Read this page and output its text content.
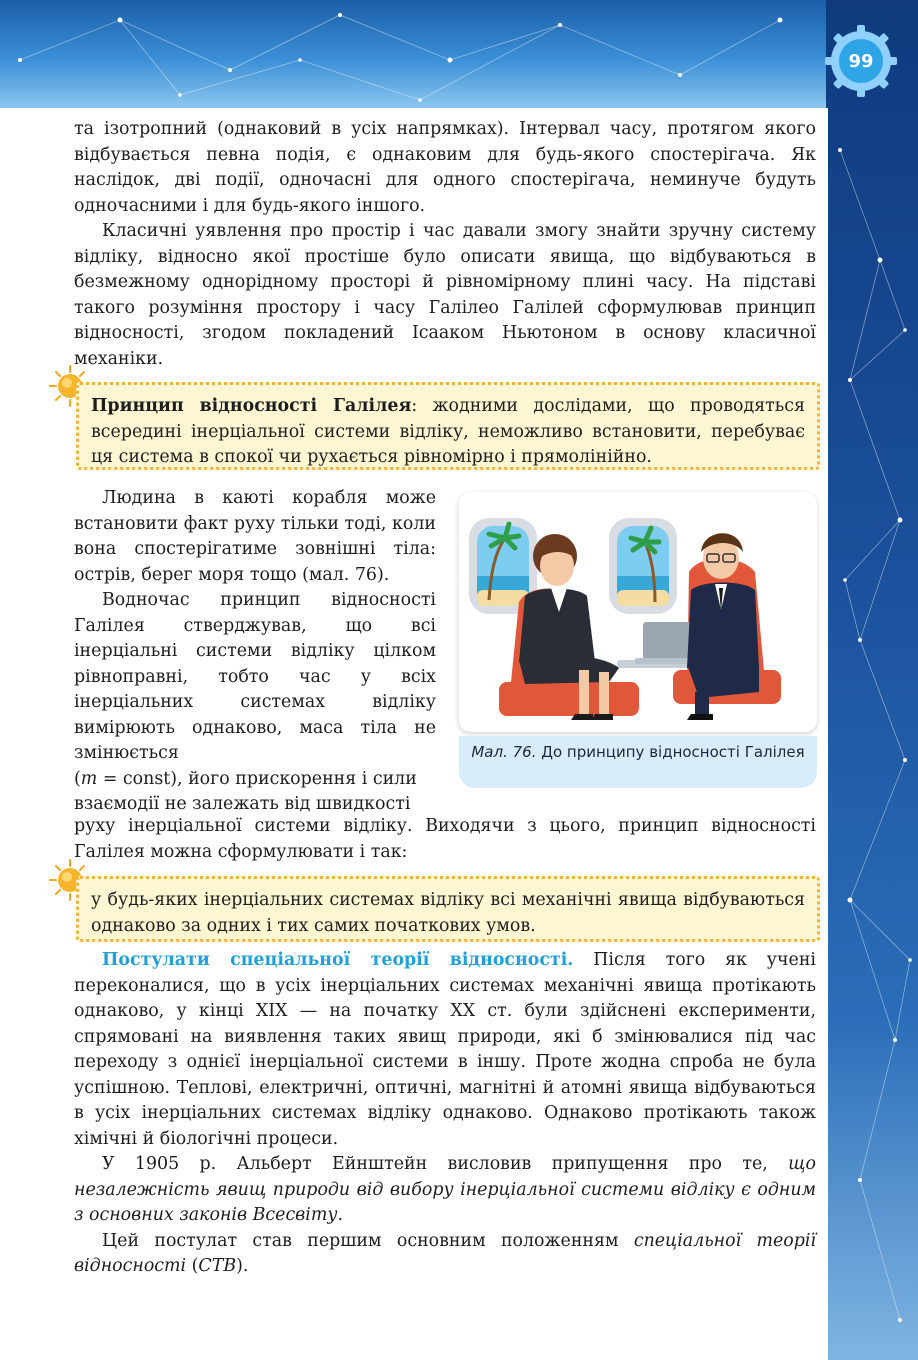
99

та ізотропний (однаковий в усіх напрямках). Інтервал часу, протягом якого відбувається певна подія, є однаковим для будь-якого спостерігача. Як наслідок, дві події, одночасні для одного спостерігача, неминуче будуть одночасними і для будь-якого іншого.

Класичні уявлення про простір і час давали змогу знайти зручну систему відліку, відносно якої простіше було описати явища, що відбуваються в безмежному однорідному просторі й рівномірному плині часу. На підставі такого розуміння простору і часу Галілео Галілей сформулював принцип відносності, згодом покладений Ісааком Ньютоном в основу класичної механіки.

Принцип відносності Галілея: жодними дослідами, що проводяться всередині інерціальної системи відліку, неможливо встановити, перебуває ця система в спокої чи рухається рівномірно і прямолінійно.

Людина в каюті корабля може встановити факт руху тільки тоді, коли вона спостерігатиме зовнішні тіла: острів, берег моря тощо (мал. 76).

Водночас принцип відносності Галілея стверджував, що всі інерціальні системи відліку цілком рівноправні, тобто час у всіх інерціальних системах відліку вимірюють однаково, маса тіла не змінюється

(m = const), його прискорення і сили

взаємодії не залежать від швидкості

Мал. 76. До принципу відносності Галілея

руху інерціальної системи відліку. Виходячи з цього, принцип відносності Галілея можна сформулювати і так:

у будь-яких інерціальних системах відліку всі механічні явища відбуваються однаково за одних і тих самих початкових умов.

Постулати спеціальної теорії відносності. Після того як учені переконалися, що в усіх інерціальних системах механічні явища протікають однаково, у кінці XIX — на початку XX ст. були здійснені експерименти, спрямовані на виявлення таких явищ природи, які б змінювалися під час переходу з однієї інерціальної системи в іншу. Проте жодна спроба не була успішною. Теплові, електричні, оптичні, магнітні й атомні явища відбуваються в усіх інерціальних системах відліку однаково. Однаково протікають також хімічні й біологічні процеси.

У 1905 р. Альберт Ейнштейн висловив припущення про те, що незалежність явищ природи від вибору інерціальної системи відліку є одним з основних законів Всесвіту.

Цей постулат став першим основним положенням спеціальної теорії відносності (СТВ).
